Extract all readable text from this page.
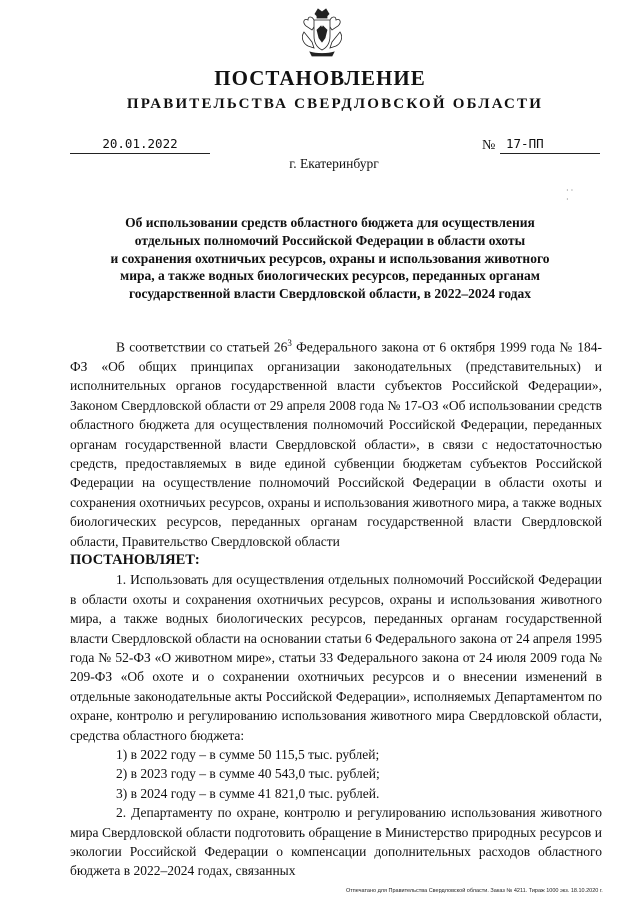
ПОСТАНОВЛЕНИЕ
ПРАВИТЕЛЬСТВА СВЕРДЛОВСКОЙ ОБЛАСТИ
20.01.2022	№ 17-ПП
г. Екатеринбург
· ·
·
Об использовании средств областного бюджета для осуществления
отдельных полномочий Российской Федерации в области охоты
и сохранения охотничьих ресурсов, охраны и использования животного
мира, а также водных биологических ресурсов, переданных органам
государственной власти Свердловской области, в 2022–2024 годах

В соответствии со статьей $26^3$ Федерального закона от 6 октября 1999 года № 184-ФЗ «Об общих принципах организации законодательных (представительных) и исполнительных органов государственной власти субъектов Российской Федерации», Законом Свердловской области от 29 апреля 2008 года № 17-ОЗ «Об использовании средств областного бюджета для осуществления полномочий Российской Федерации, переданных органам государственной власти Свердловской области», в связи с недостаточностью средств, предоставляемых в виде единой субвенции бюджетам субъектов Российской Федерации на осуществление полномочий Российской Федерации в области охоты и сохранения охотничьих ресурсов, охраны и использования животного мира, а также водных биологических ресурсов, переданных органам государственной власти Свердловской области, Правительство Свердловской области

ПОСТАНОВЛЯЕТ:

1. Использовать для осуществления отдельных полномочий Российской Федерации в области охоты и сохранения охотничьих ресурсов, охраны и использования животного мира, а также водных биологических ресурсов, переданных органам государственной власти Свердловской области на основании статьи 6 Федерального закона от 24 апреля 1995 года № 52-ФЗ «О животном мире», статьи 33 Федерального закона от 24 июля 2009 года № 209-ФЗ «Об охоте и о сохранении охотничьих ресурсов и о внесении изменений в отдельные законодательные акты Российской Федерации», исполняемых Департаментом по охране, контролю и регулированию использования животного мира Свердловской области, средства областного бюджета:

1) в 2022 году – в сумме 50 115,5 тыс. рублей;

2) в 2023 году – в сумме 40 543,0 тыс. рублей;

3) в 2024 году – в сумме 41 821,0 тыс. рублей.

2. Департаменту по охране, контролю и регулированию использования животного мира Свердловской области подготовить обращение в Министерство природных ресурсов и экологии Российской Федерации о компенсации дополнительных расходов областного бюджета в 2022–2024 годах, связанных

Отпечатано для Правительства Свердловской области. Заказ № 4211. Тираж 1000 экз. 18.10.2020 г.
